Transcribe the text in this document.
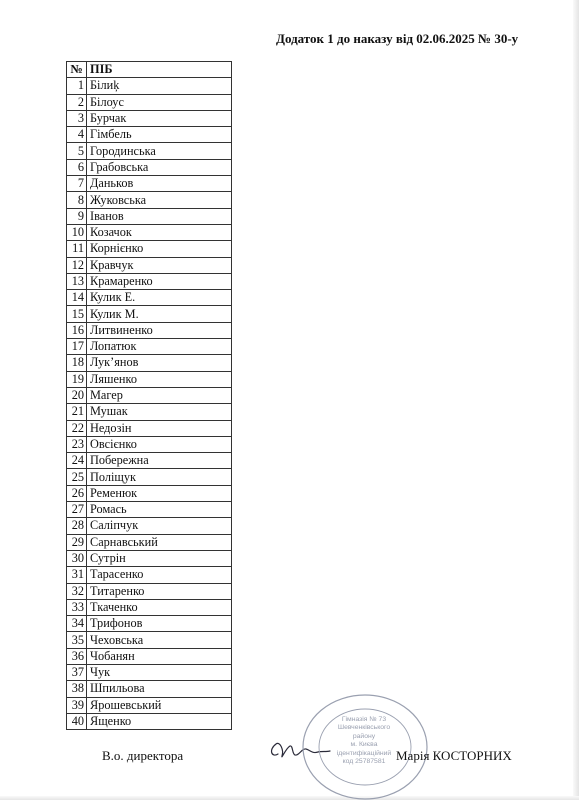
Додаток 1 до наказу від 02.06.2025 № 30-у
№	ПІБ
1	Білиķ
2	Білоус
3	Бурчак
4	Гімбель
5	Городинська
6	Грабовська
7	Даньков
8	Жуковська
9	Іванов
10	Козачок
11	Корнієнко
12	Кравчук
13	Крамаренко
14	Кулик Е.
15	Кулик М.
16	Литвиненко
17	Лопатюк
18	Лук’янов
19	Ляшенко
20	Магер
21	Мушак
22	Недозін
23	Овсієнко
24	Побережна
25	Поліщук
26	Ременюк
27	Ромась
28	Саліпчук
29	Сарнавський
30	Сутрін
31	Тарасенко
32	Титаренко
33	Ткаченко
34	Трифонов
35	Чеховська
36	Чобанян
37	Чук
38	Шпильова
39	Ярошевський
40	Ященко
В.о. директора
Гімназія № 73
Шевченківського
району
м. Києва
ідентифікаційний
код 25787581 Марія КОСТОРНИХ
